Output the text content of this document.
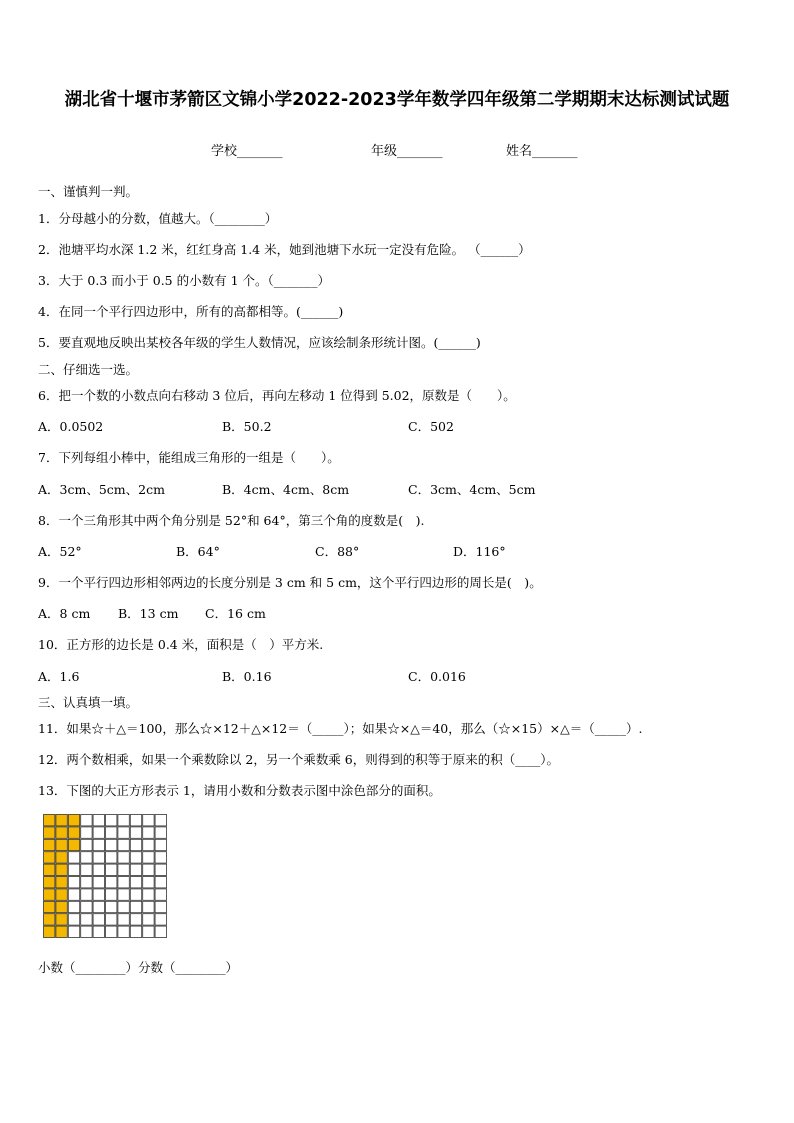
湖北省十堰市茅箭区文锦小学2022-2023学年数学四年级第二学期期末达标测试试题
学校_______	年级_______	姓名_______
一、谨慎判一判。
1．分母越小的分数，值越大。（________）
2．池塘平均水深 1.2 米，红红身高 1.4 米，她到池塘下水玩一定没有危险。 （______）
3．大于 0.3 而小于 0.5 的小数有 1 个。（_______）
4．在同一个平行四边形中，所有的高都相等。(______)
5．要直观地反映出某校各年级的学生人数情况，应该绘制条形统计图。(______)
二、仔细选一选。
6．把一个数的小数点向右移动 3 位后，再向左移动 1 位得到 5.02，原数是（　　）。
A．0.0502	B．50.2	C．502
7．下列每组小棒中，能组成三角形的一组是（　　）。
A．3cm、5cm、2cm	B．4cm、4cm、8cm	C．3cm、4cm、5cm
8．一个三角形其中两个角分别是 52°和 64°，第三个角的度数是(　).
A．52°	B．64°	C．88°	D．116°
9．一个平行四边形相邻两边的长度分别是 3 cm 和 5 cm，这个平行四边形的周长是(　)。
A．8 cm B．13 cm C．16 cm
10．正方形的边长是 0.4 米，面积是（　）平方米.
A．1.6	B．0.16	C．0.016
三、认真填一填。
11．如果☆＋△＝100，那么☆×12＋△×12＝（_____）；如果☆×△＝40，那么（☆×15）×△＝（_____）.
12．两个数相乘，如果一个乘数除以 2，另一个乘数乘 6，则得到的积等于原来的积（____）。
13．下图的大正方形表示 1，请用小数和分数表示图中涂色部分的面积。
小数（________）分数（________）
